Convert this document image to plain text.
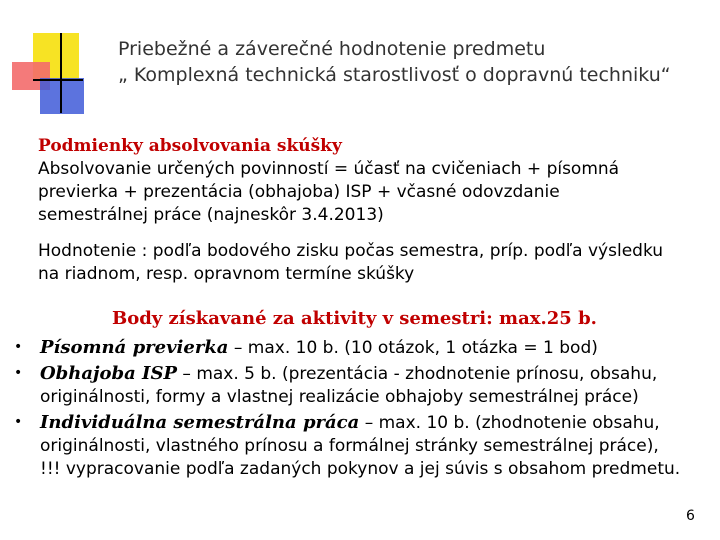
Priebežné a záverečné hodnotenie predmetu
„ Komplexná technická starostlivosť o dopravnú techniku“
Podmienky absolvovania skúšky
Absolvovanie určených povinností = účasť na cvičeniach + písomná
previerka + prezentácia (obhajoba) ISP + včasné odovzdanie
semestrálnej práce (najneskôr 3.4.2013)
Hodnotenie : podľa bodového zisku počas semestra, príp. podľa výsledku
na riadnom, resp. opravnom termíne skúšky
Body získavané za aktivity v semestri: max.25 b.
• Písomná previerka – max. 10 b. (10 otázok, 1 otázka = 1 bod)
• Obhajoba ISP – max. 5 b. (prezentácia - zhodnotenie prínosu, obsahu,
originálnosti, formy a vlastnej realizácie obhajoby semestrálnej práce)
• Individuálna semestrálna práca – max. 10 b. (zhodnotenie obsahu,
originálnosti, vlastného prínosu a formálnej stránky semestrálnej práce),
!!! vypracovanie podľa zadaných pokynov a jej súvis s obsahom predmetu.
6
